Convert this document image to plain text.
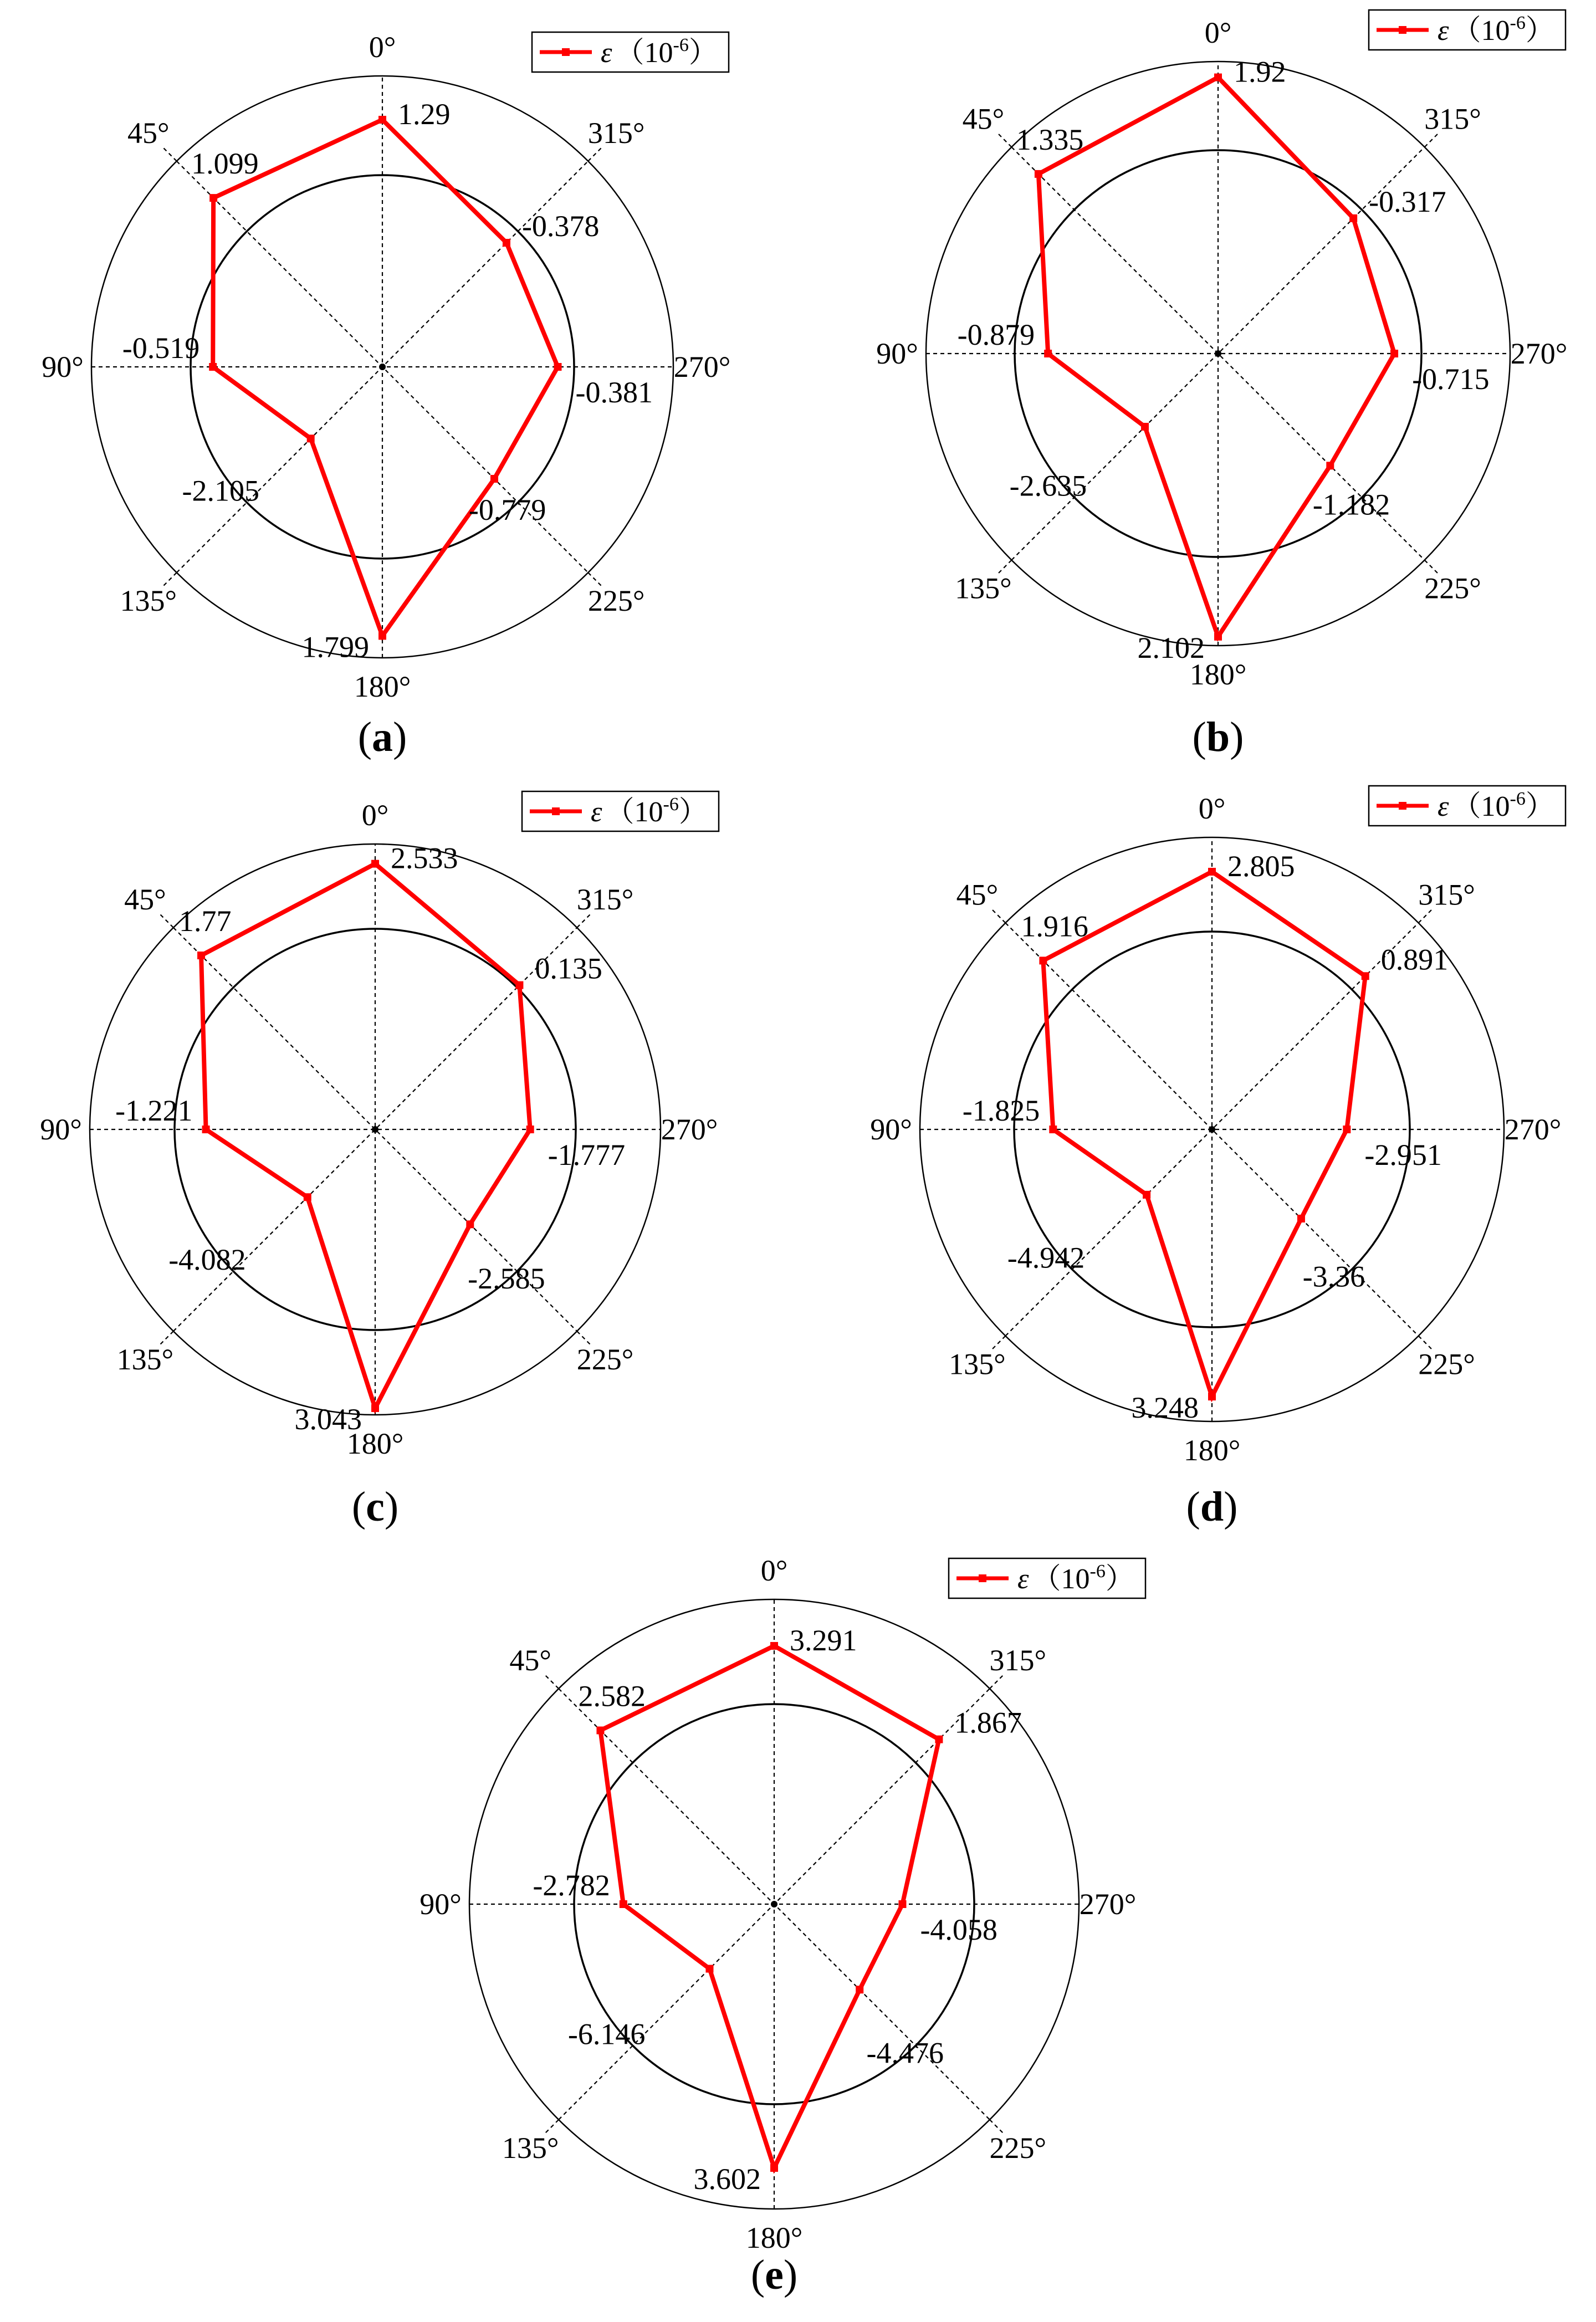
0°
315°
270°
225°
180°
135°
90°
45°
1.29
-0.378
-0.381
-0.779
1.799
-2.105
-0.519
1.099
ε $(10^{-6})$
(a)
0°
315°
270°
225°
180°
135°
90°
45°
1.92
-0.317
-0.715
-1.182
2.102
-2.635
-0.879
1.335
ε $(10^{-6})$
(b)
0°
315°
270°
225°
180°
135°
90°
45°
2.533
0.135
-1.777
-2.585
3.043
-4.082
-1.221
1.77
ε $(10^{-6})$
(c)
0°
315°
270°
225°
180°
135°
90°
45°
2.805
0.891
-2.951
-3.36
3.248
-4.942
-1.825
1.916
ε $(10^{-6})$
(d)
0°
315°
270°
225°
180°
135°
90°
45°
3.291
1.867
-4.058
-4.476
3.602
-6.146
-2.782
2.582
ε $(10^{-6})$
(e)
